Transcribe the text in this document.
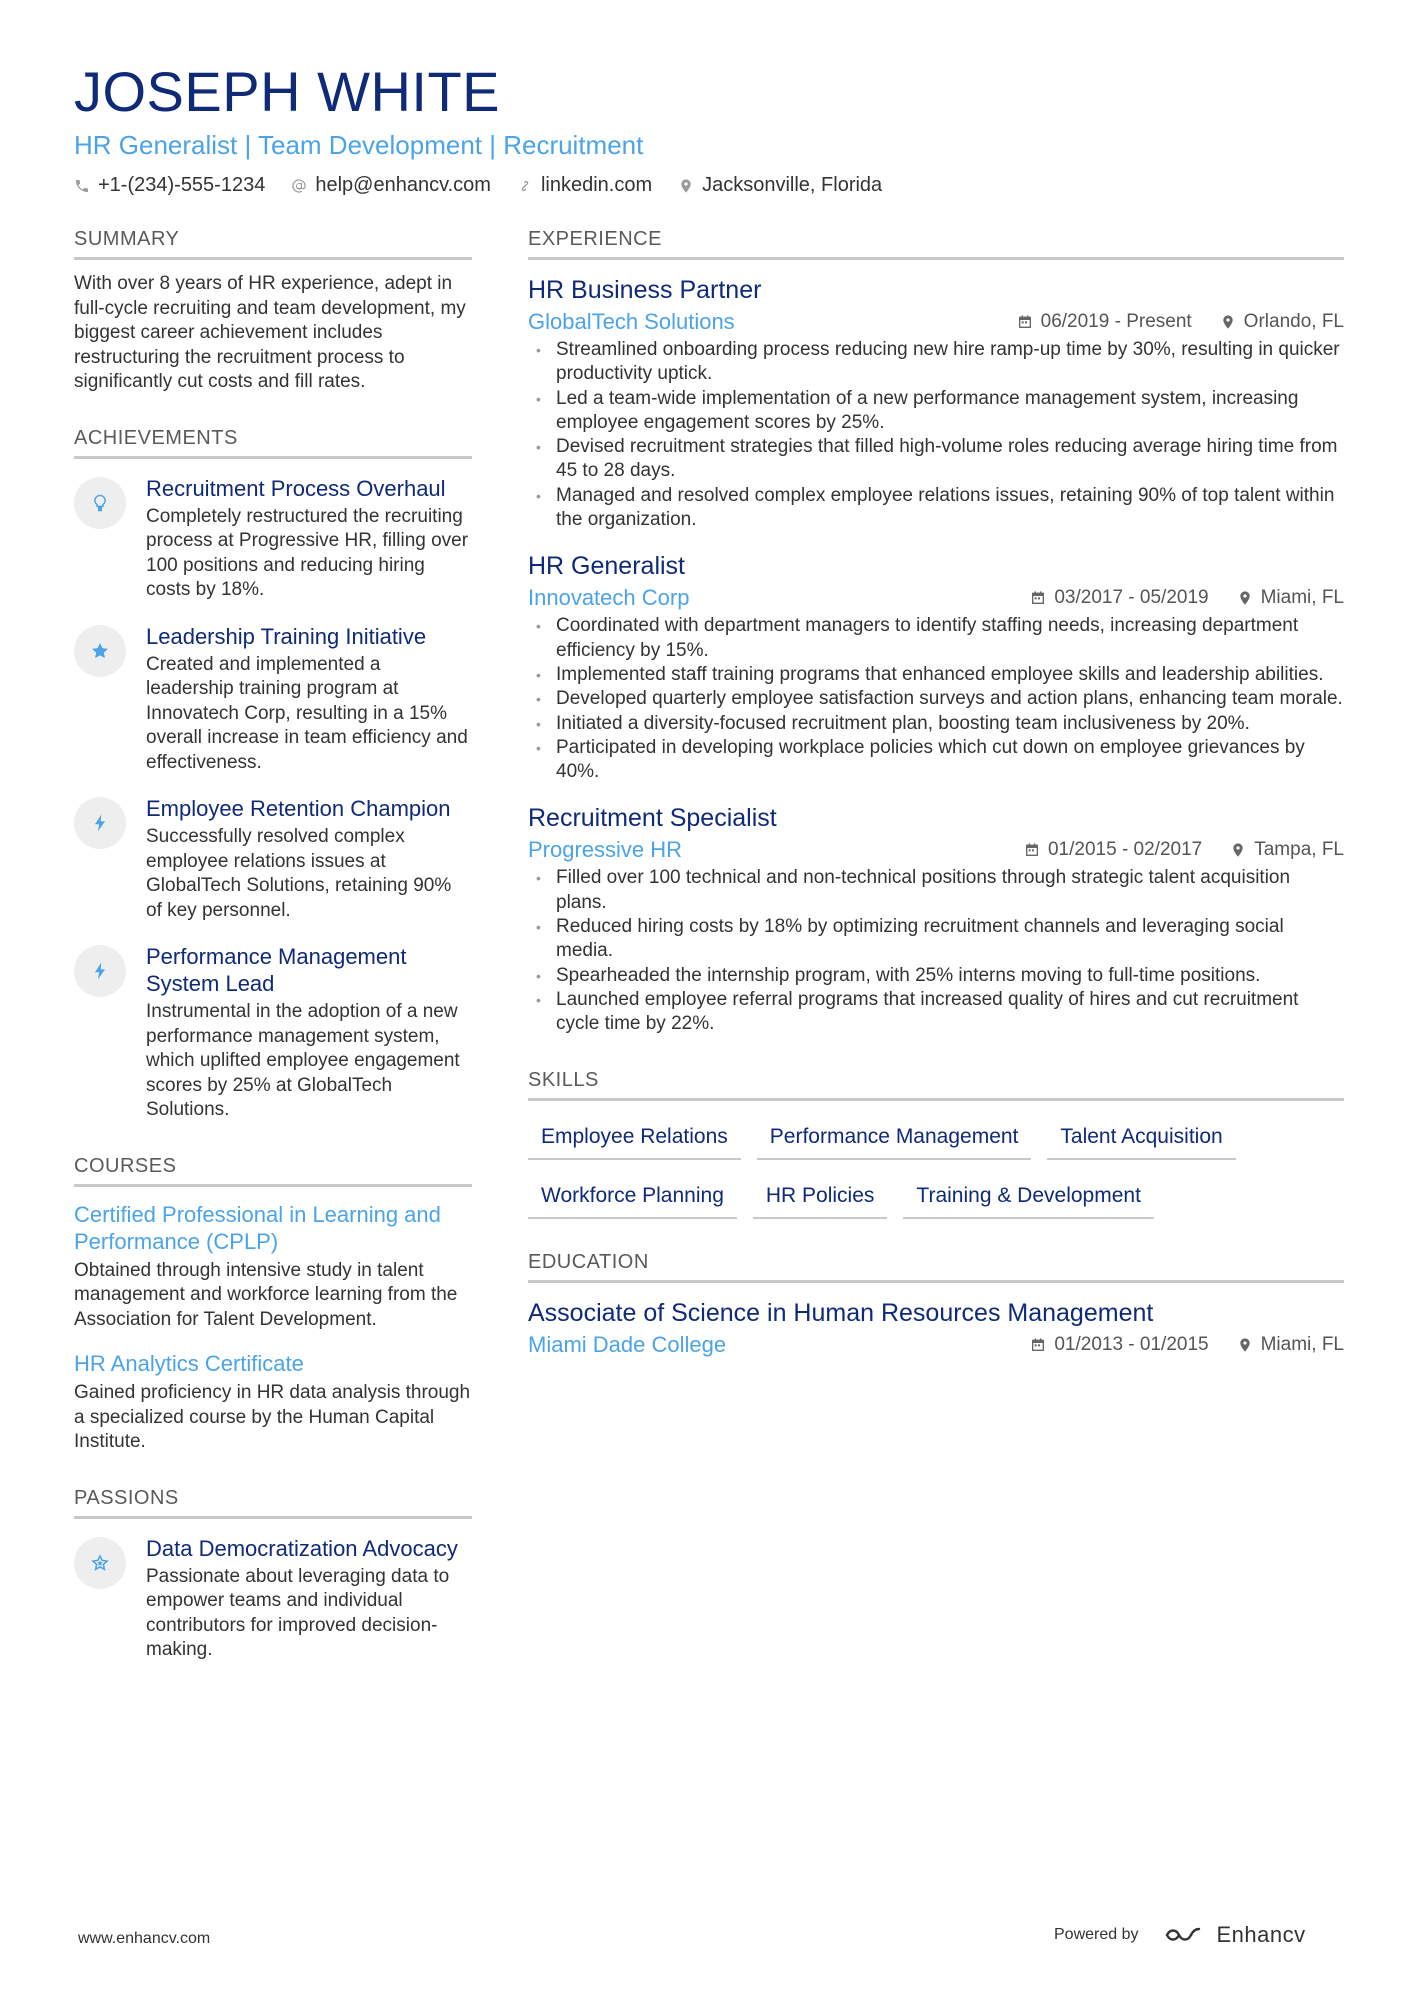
JOSEPH WHITE
HR Generalist | Team Development | Recruitment
+1-(234)-555-1234	help@enhancv.com	linkedin.com	Jacksonville, Florida
SUMMARY
With over 8 years of HR experience, adept in full-cycle recruiting and team development, my biggest career achievement includes restructuring the recruitment process to significantly cut costs and fill rates.
ACHIEVEMENTS
Recruitment Process Overhaul
Completely restructured the recruiting process at Progressive HR, filling over 100 positions and reducing hiring costs by 18%.
Leadership Training Initiative
Created and implemented a leadership training program at Innovatech Corp, resulting in a 15% overall increase in team efficiency and effectiveness.
Employee Retention Champion
Successfully resolved complex employee relations issues at GlobalTech Solutions, retaining 90% of key personnel.
Performance Management System Lead
Instrumental in the adoption of a new performance management system, which uplifted employee engagement scores by 25% at GlobalTech Solutions.
COURSES
Certified Professional in Learning and Performance (CPLP)
Obtained through intensive study in talent management and workforce learning from the Association for Talent Development.
HR Analytics Certificate
Gained proficiency in HR data analysis through a specialized course by the Human Capital Institute.
PASSIONS
Data Democratization Advocacy
Passionate about leveraging data to empower teams and individual contributors for improved decision-making.
EXPERIENCE
HR Business Partner
GlobalTech Solutions	06/2019 - Present	Orlando, FL
• Streamlined onboarding process reducing new hire ramp-up time by 30%, resulting in quicker productivity uptick.
• Led a team-wide implementation of a new performance management system, increasing employee engagement scores by 25%.
• Devised recruitment strategies that filled high-volume roles reducing average hiring time from 45 to 28 days.
• Managed and resolved complex employee relations issues, retaining 90% of top talent within the organization.
HR Generalist
Innovatech Corp	03/2017 - 05/2019	Miami, FL
• Coordinated with department managers to identify staffing needs, increasing department efficiency by 15%.
• Implemented staff training programs that enhanced employee skills and leadership abilities.
• Developed quarterly employee satisfaction surveys and action plans, enhancing team morale.
• Initiated a diversity-focused recruitment plan, boosting team inclusiveness by 20%.
• Participated in developing workplace policies which cut down on employee grievances by 40%.
Recruitment Specialist
Progressive HR	01/2015 - 02/2017	Tampa, FL
• Filled over 100 technical and non-technical positions through strategic talent acquisition plans.
• Reduced hiring costs by 18% by optimizing recruitment channels and leveraging social media.
• Spearheaded the internship program, with 25% interns moving to full-time positions.
• Launched employee referral programs that increased quality of hires and cut recruitment cycle time by 22%.
SKILLS
Employee Relations	Performance Management	Talent Acquisition
Workforce Planning	HR Policies	Training & Development
EDUCATION
Associate of Science in Human Resources Management
Miami Dade College	01/2013 - 01/2015	Miami, FL
www.enhancv.com	Powered by	Enhancv
